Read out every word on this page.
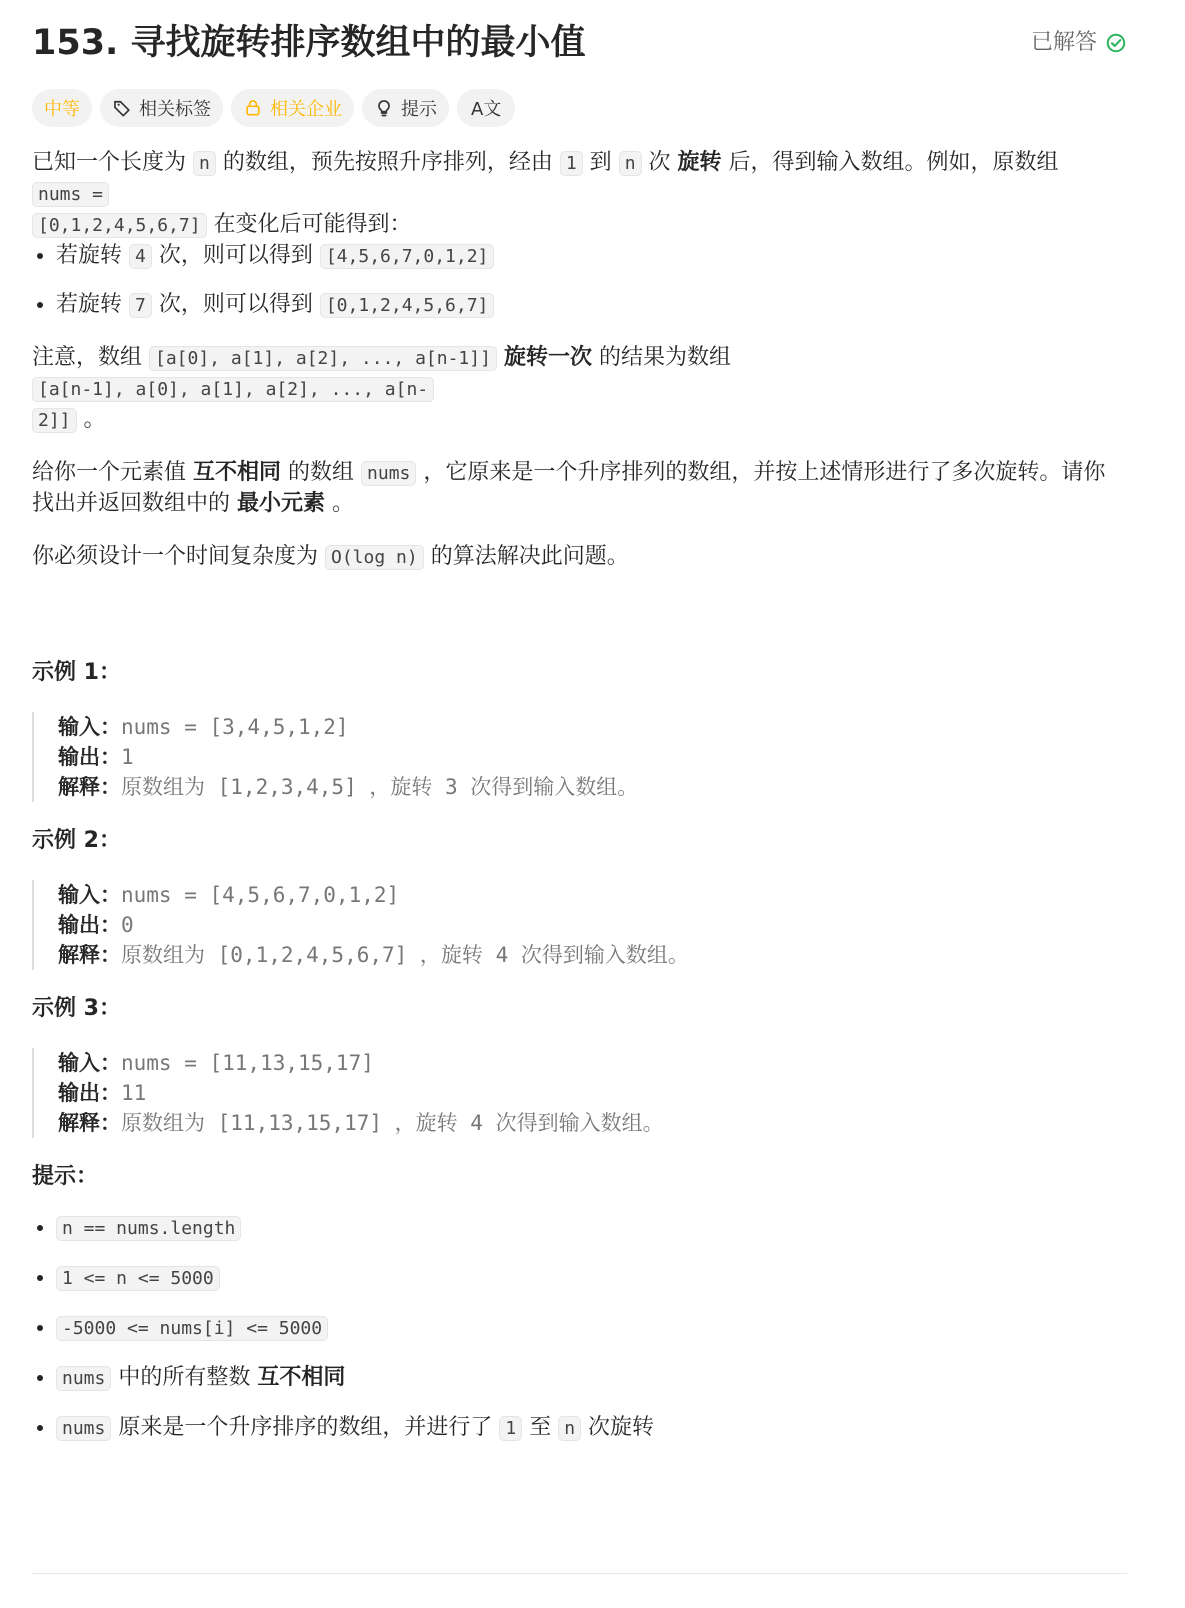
153. 寻找旋转排序数组中的最小值	已解答
中等	相关标签	相关企业	提示 A文

已知一个长度为 n 的数组，预先按照升序排列，经由 1 到 n 次 旋转 后，得到输入数组。例如，原数组 nums =
[0,1,2,4,5,6,7] 在变化后可能得到：

• 若旋转 4 次，则可以得到 [4,5,6,7,0,1,2]
• 若旋转 7 次，则可以得到 [0,1,2,4,5,6,7]

注意，数组 [a[0], a[1], a[2], ..., a[n-1]] 旋转一次 的结果为数组 [a[n-1], a[0], a[1], a[2], ..., a[n-
2]] 。

给你一个元素值 互不相同 的数组 nums ，它原来是一个升序排列的数组，并按上述情形进行了多次旋转。请你找出并返回数组中的 最小元素 。

你必须设计一个时间复杂度为 O(log n) 的算法解决此问题。

示例 1：
输入：nums = [3,4,5,1,2]
输出：1
解释：原数组为 [1,2,3,4,5] ，旋转 3 次得到输入数组。
示例 2：
输入：nums = [4,5,6,7,0,1,2]
输出：0
解释：原数组为 [0,1,2,4,5,6,7] ，旋转 4 次得到输入数组。
示例 3：
输入：nums = [11,13,15,17]
输出：11
解释：原数组为 [11,13,15,17] ，旋转 4 次得到输入数组。
提示：
• n == nums.length
• 1 <= n <= 5000
• -5000 <= nums[i] <= 5000
• nums 中的所有整数 互不相同
• nums 原来是一个升序排序的数组，并进行了 1 至 n 次旋转
